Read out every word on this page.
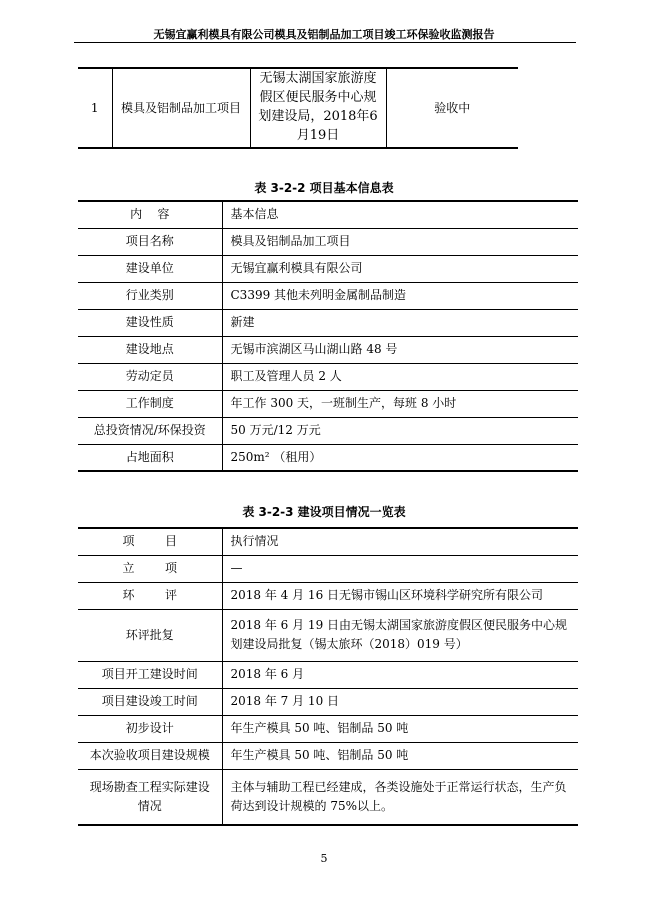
无锡宜赢利模具有限公司模具及铝制品加工项目竣工环保验收监测报告
1	模具及铝制品加工项目	无锡太湖国家旅游度假区便民服务中心规划建设局，2018年6月19日	验收中
表 3-2-2 项目基本信息表
内    容	基本信息
项目名称	模具及铝制品加工项目
建设单位	无锡宜赢利模具有限公司
行业类别	C3399 其他未列明金属制品制造
建设性质	新建
建设地点	无锡市滨湖区马山湖山路 48 号
劳动定员	职工及管理人员 2 人
工作制度	年工作 300 天，一班制生产，每班 8 小时
总投资情况/环保投资	50 万元/12 万元
占地面积	250m² （租用）
表 3-2-3 建设项目情况一览表
项        目	执行情况
立        项	—
环        评	2018 年 4 月 16 日无锡市锡山区环境科学研究所有限公司
环评批复	2018 年 6 月 19 日由无锡太湖国家旅游度假区便民服务中心规划建设局批复（锡太旅环（2018）019 号）
项目开工建设时间	2018 年 6 月
项目建设竣工时间	2018 年 7 月 10 日
初步设计	年生产模具 50 吨、铝制品 50 吨
本次验收项目建设规模	年生产模具 50 吨、铝制品 50 吨
现场勘查工程实际建设情况	主体与辅助工程已经建成，各类设施处于正常运行状态，生产负荷达到设计规模的 75%以上。
5
